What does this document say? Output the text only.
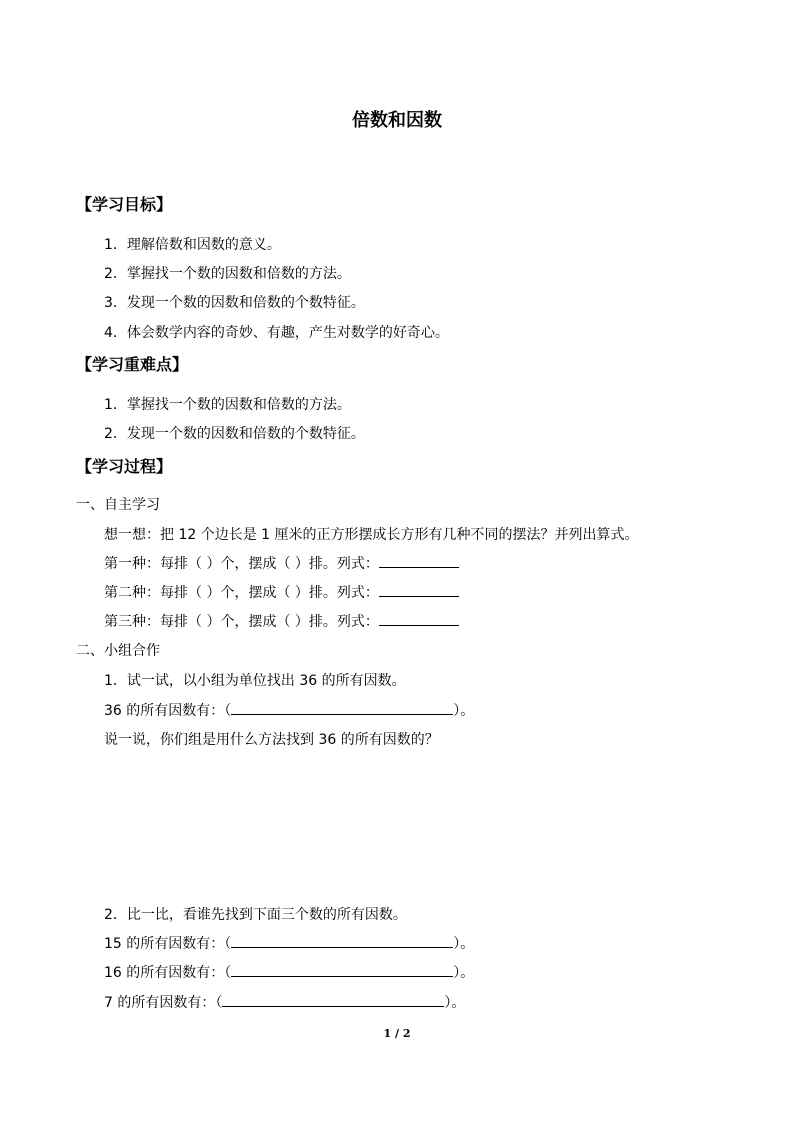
倍数和因数
【学习目标】
1．理解倍数和因数的意义。
2．掌握找一个数的因数和倍数的方法。
3．发现一个数的因数和倍数的个数特征。
4．体会数学内容的奇妙、有趣，产生对数学的好奇心。
【学习重难点】
1．掌握找一个数的因数和倍数的方法。
2．发现一个数的因数和倍数的个数特征。
【学习过程】
一、自主学习
想一想：把 12 个边长是 1 厘米的正方形摆成长方形有几种不同的摆法？并列出算式。
第一种：每排（ ）个，摆成（ ）排。列式：
第二种：每排（ ）个，摆成（ ）排。列式：
第三种：每排（ ）个，摆成（ ）排。列式：
二、小组合作
1．试一试，以小组为单位找出 36 的所有因数。
36 的所有因数有：（	）。
说一说，你们组是用什么方法找到 36 的所有因数的？
2．比一比，看谁先找到下面三个数的所有因数。
15 的所有因数有：（	）。
16 的所有因数有：（	）。
7 的所有因数有：（	）。
1 / 2
